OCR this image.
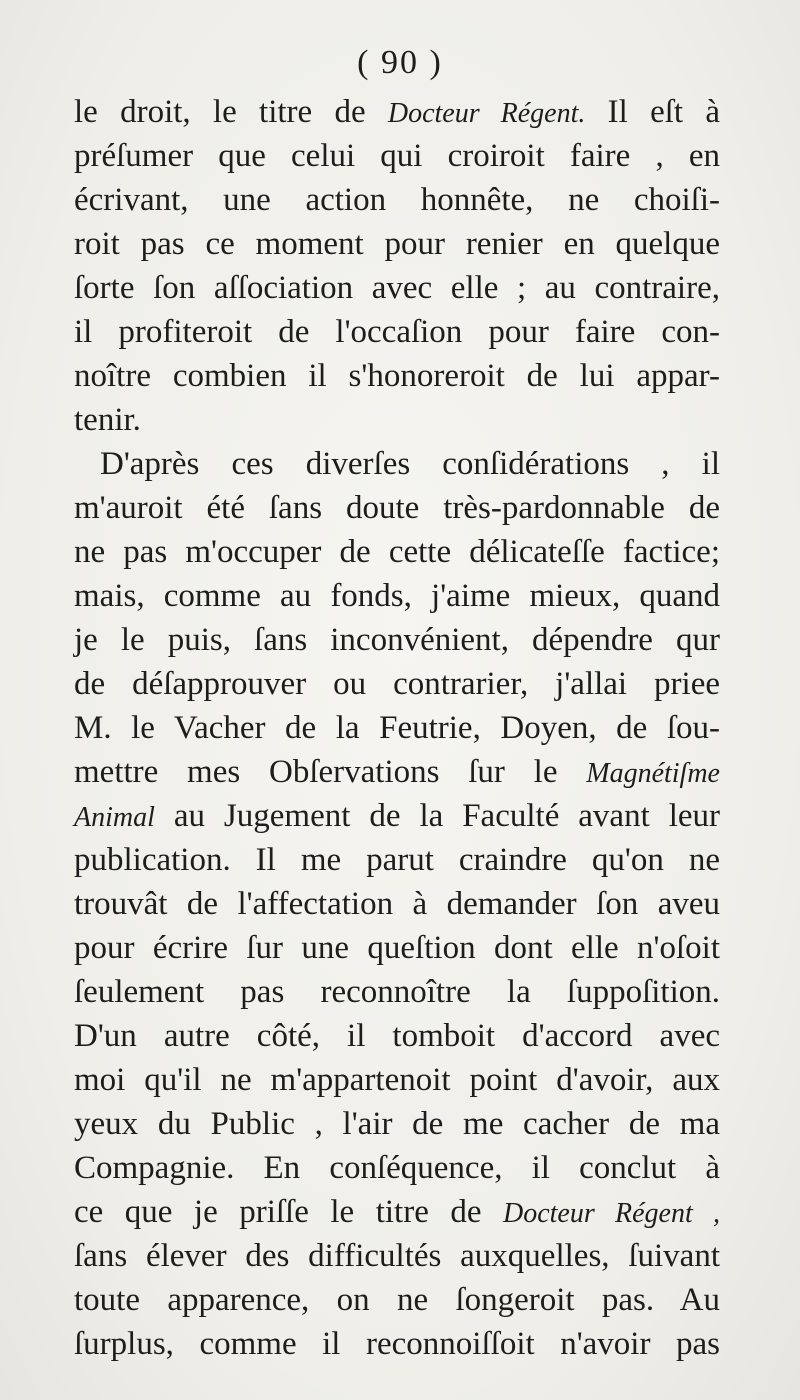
( 90 )
le droit, le titre de Docteur Régent. Il eſt à
préſumer que celui qui croiroit faire , en
écrivant, une action honnête, ne choiſi-
roit pas ce moment pour renier en quelque
ſorte ſon aſſociation avec elle ; au contraire,
il profiteroit de l'occaſion pour faire con-
noître combien il s'honoreroit de lui appar-
tenir.
D'après ces diverſes conſidérations , il
m'auroit été ſans doute très-pardonnable de
ne pas m'occuper de cette délicateſſe factice;
mais, comme au fonds, j'aime mieux, quand
je le puis, ſans inconvénient, dépendre qur
de déſapprouver ou contrarier, j'allai priee
M. le Vacher de la Feutrie, Doyen, de ſou-
mettre mes Obſervations ſur le Magnétiſme
Animal au Jugement de la Faculté avant leur
publication. Il me parut craindre qu'on ne
trouvât de l'affectation à demander ſon aveu
pour écrire ſur une queſtion dont elle n'oſoit
ſeulement pas reconnoître la ſuppoſition.
D'un autre côté, il tomboit d'accord avec
moi qu'il ne m'appartenoit point d'avoir, aux
yeux du Public , l'air de me cacher de ma
Compagnie. En conſéquence, il conclut à
ce que je priſſe le titre de Docteur Régent ,
ſans élever des difficultés auxquelles, ſuivant
toute apparence, on ne ſongeroit pas. Au
ſurplus, comme il reconnoiſſoit n'avoir pas
